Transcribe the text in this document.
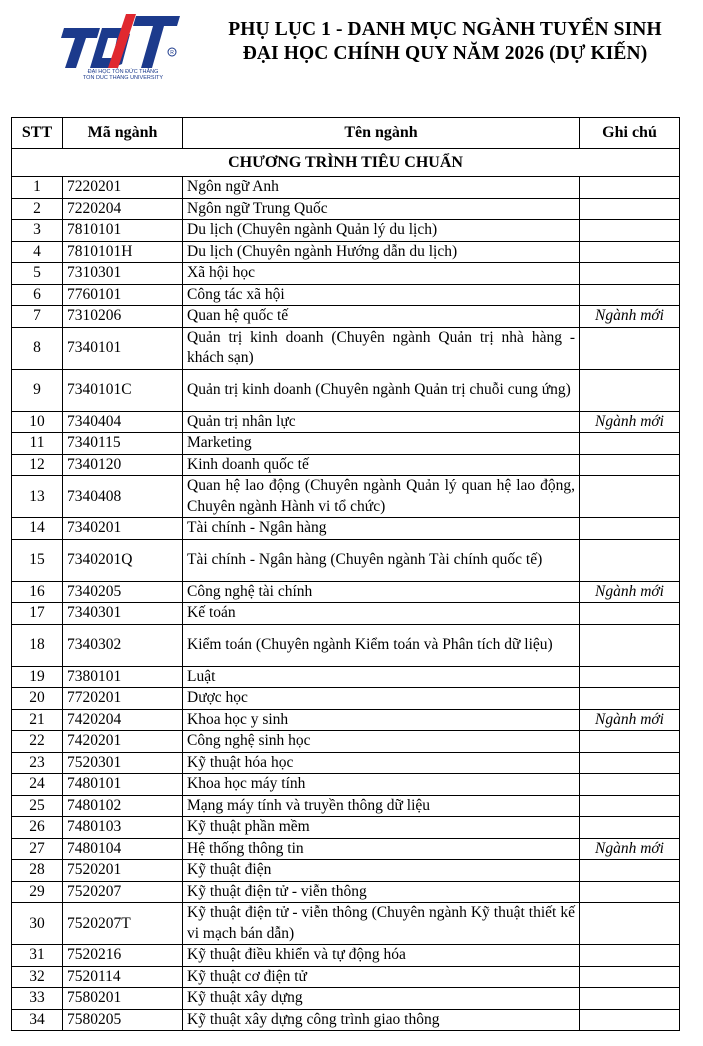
R
ĐẠI HỌC TÔN ĐỨC THẮNG
TON DUC THANG UNIVERSITY
PHỤ LỤC 1 - DANH MỤC NGÀNH TUYỂN SINH
ĐẠI HỌC CHÍNH QUY NĂM 2026 (DỰ KIẾN)
STT	Mã ngành	Tên ngành	Ghi chú
CHƯƠNG TRÌNH TIÊU CHUẨN			
1	7220201	Ngôn ngữ Anh	
2	7220204	Ngôn ngữ Trung Quốc	
3	7810101	Du lịch (Chuyên ngành Quản lý du lịch)	
4	7810101H	Du lịch (Chuyên ngành Hướng dẫn du lịch)	
5	7310301	Xã hội học	
6	7760101	Công tác xã hội	
7	7310206	Quan hệ quốc tế	Ngành mới
8	7340101	Quản trị kinh doanh (Chuyên ngành Quản trị nhà hàng - khách sạn)	
9	7340101C	Quản trị kinh doanh (Chuyên ngành Quản trị chuỗi cung ứng)	
10	7340404	Quản trị nhân lực	Ngành mới
11	7340115	Marketing	
12	7340120	Kinh doanh quốc tế	
13	7340408	Quan hệ lao động (Chuyên ngành Quản lý quan hệ lao động, Chuyên ngành Hành vi tổ chức)	
14	7340201	Tài chính - Ngân hàng	
15	7340201Q	Tài chính - Ngân hàng (Chuyên ngành Tài chính quốc tế)	
16	7340205	Công nghệ tài chính	Ngành mới
17	7340301	Kế toán	
18	7340302	Kiểm toán (Chuyên ngành Kiểm toán và Phân tích dữ liệu)	
19	7380101	Luật	
20	7720201	Dược học	
21	7420204	Khoa học y sinh	Ngành mới
22	7420201	Công nghệ sinh học	
23	7520301	Kỹ thuật hóa học	
24	7480101	Khoa học máy tính	
25	7480102	Mạng máy tính và truyền thông dữ liệu	
26	7480103	Kỹ thuật phần mềm	
27	7480104	Hệ thống thông tin	Ngành mới
28	7520201	Kỹ thuật điện	
29	7520207	Kỹ thuật điện tử - viễn thông	
30	7520207T	Kỹ thuật điện tử - viễn thông (Chuyên ngành Kỹ thuật thiết kế vi mạch bán dẫn)	
31	7520216	Kỹ thuật điều khiển và tự động hóa	
32	7520114	Kỹ thuật cơ điện tử	
33	7580201	Kỹ thuật xây dựng	
34	7580205	Kỹ thuật xây dựng công trình giao thông	
